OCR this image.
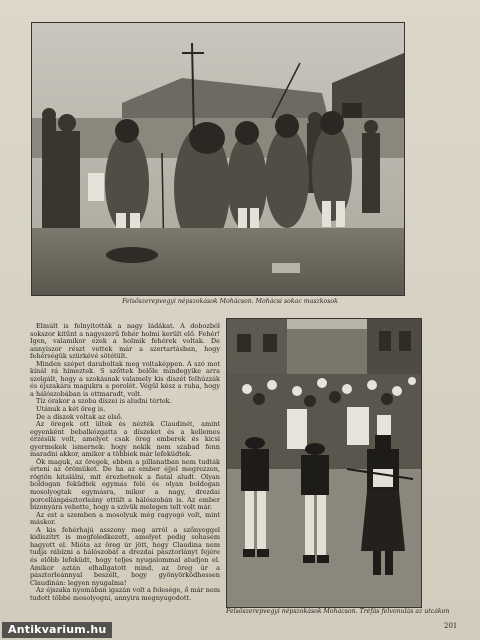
Felsőszerepvegyi népszokások Mohácson. Mohácsi sokac maszkosok

Elmúlt is felnyitották a nagy ládákat. A dobozból sokszor kitűnt a nagyszerű fehér holmi került elő. Fehér! Igen, valamikor ezek a holmik fehérek voltak. De annyiszor részt vettek már a szertartásban, hogy fehérségük szürkévé sötétült.

Minden szépet daraboltak meg voltaképpen. A szó mot kínál rá hímeztek. S szőttek belőle mindegyike arra szolgált, hogy a szokásnak valamely kis díszét felhúzzák és éjszakára magukra a porolót. Végül kész a ruha, hogy a hálószobában is ottmaradt, volt.

Tíz órakor a szoba díszei is aludni tértek.

Utánuk a két öreg is.

De a díszek voltak az első.

Az öregek ott ültek és nézték Claudinét, amint egyenként bebalkózgatta a díszeket és a kellemes érzésük volt, amelyet csak öreg emberek és kicsi gyermekek ismernek: hogy nekik nem szabad fenn maradni akkor, amikor a többiek már lefeküdtek.

Ők maguk, az öregek, ebben a pillanatban nem tudták érteni az örömüket. De ha az ember éjjel megrezzen, rögtön kitalálni, mit érezhetnek a fiatal aludt. Olyan boldogan feküdtek egymás felé és olyan boldogan mosolyogtak egymásra, mikor a nagy, drezdai porcellánpásztorleány ottült a hálószobán is. Az ember bizonyára vehette, hogy a szívük melegen telt volt már.

Az est a szemben a mosolyuk még ragyogó volt, mint máskor.

A kis fehérhajú asszony meg arról a szőnyeggel kidíszítrt is megfeledkezett, amelyet pedig sohasem hagyott el. Mióta az öreg úr jött, hogy Claudina nem tudja rábízni a hálószobát a drezdai pásztorlányt fejére és előbb lefeküdt, hogy teljes nyugalommal aludjon el. Amikor aztán elhallgatott mind, az öreg úr a pásztorleánnyal beszélt, hogy gyönyörködhessen Claudinán: legyen nyugalma!

Az éjszaka nyomában igazán volt a felesége, ő már nem tudott többé mosolyogni, annyira megnyugodott.

Felsőszerepvegyi népszokások Mohácson. Tréfás felvonulás az utcákon
201
Antikvarium.hu
